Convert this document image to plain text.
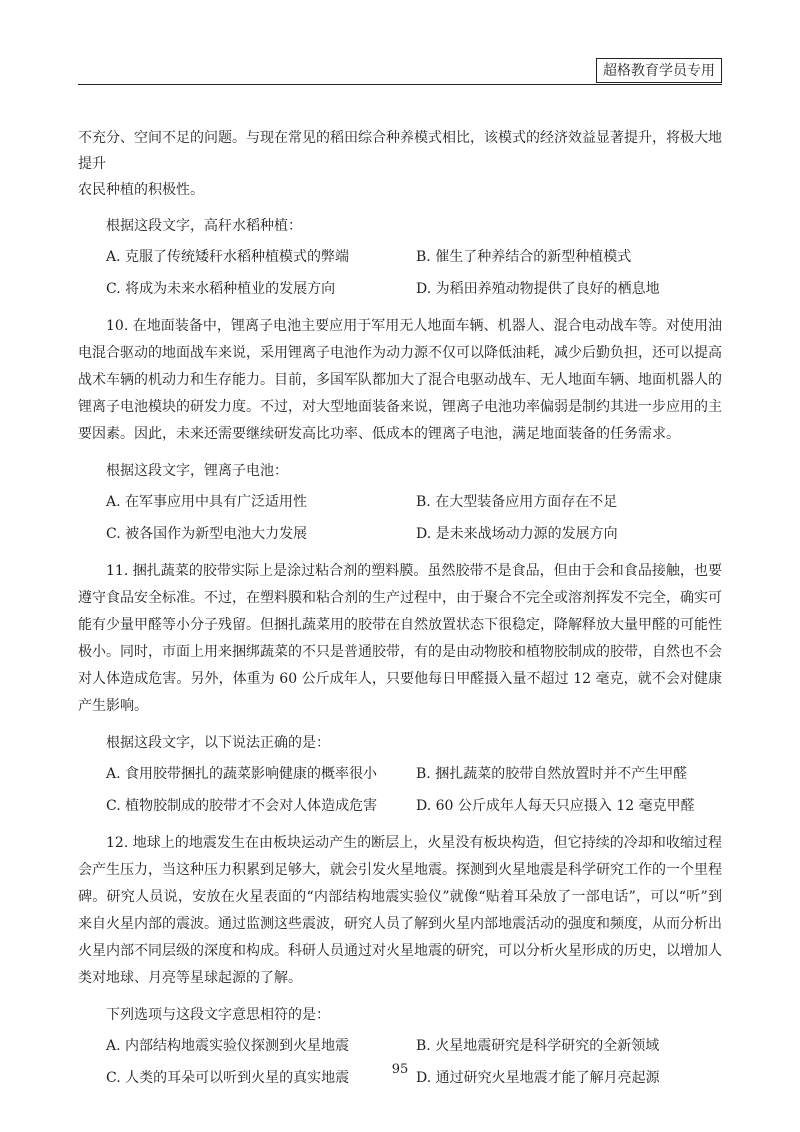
超格教育学员专用

不充分、空间不足的问题。与现在常见的稻田综合种养模式相比，该模式的经济效益显著提升，将极大地提升

农民种植的积极性。

根据这段文字，高秆水稻种植：

A. 克服了传统矮秆水稻种植模式的弊端	B. 催生了种养结合的新型种植模式
C. 将成为未来水稻种植业的发展方向	D. 为稻田养殖动物提供了良好的栖息地

10. 在地面装备中，锂离子电池主要应用于军用无人地面车辆、机器人、混合电动战车等。对使用油电混合驱动的地面战车来说，采用锂离子电池作为动力源不仅可以降低油耗，减少后勤负担，还可以提高战术车辆的机动力和生存能力。目前，多国军队都加大了混合电驱动战车、无人地面车辆、地面机器人的锂离子电池模块的研发力度。不过，对大型地面装备来说，锂离子电池功率偏弱是制约其进一步应用的主要因素。因此，未来还需要继续研发高比功率、低成本的锂离子电池，满足地面装备的任务需求。

根据这段文字，锂离子电池：

A. 在军事应用中具有广泛适用性	B. 在大型装备应用方面存在不足
C. 被各国作为新型电池大力发展	D. 是未来战场动力源的发展方向

11. 捆扎蔬菜的胶带实际上是涂过粘合剂的塑料膜。虽然胶带不是食品，但由于会和食品接触，也要遵守食品安全标准。不过，在塑料膜和粘合剂的生产过程中，由于聚合不完全或溶剂挥发不完全，确实可能有少量甲醛等小分子残留。但捆扎蔬菜用的胶带在自然放置状态下很稳定，降解释放大量甲醛的可能性极小。同时，市面上用来捆绑蔬菜的不只是普通胶带，有的是由动物胶和植物胶制成的胶带，自然也不会对人体造成危害。另外，体重为 60 公斤成年人，只要他每日甲醛摄入量不超过 12 毫克，就不会对健康产生影响。

根据这段文字，以下说法正确的是：

A. 食用胶带捆扎的蔬菜影响健康的概率很小	B. 捆扎蔬菜的胶带自然放置时并不产生甲醛
C. 植物胶制成的胶带才不会对人体造成危害	D. 60 公斤成年人每天只应摄入 12 毫克甲醛

12. 地球上的地震发生在由板块运动产生的断层上，火星没有板块构造，但它持续的冷却和收缩过程会产生压力，当这种压力积累到足够大，就会引发火星地震。探测到火星地震是科学研究工作的一个里程碑。研究人员说，安放在火星表面的“内部结构地震实验仪”就像“贴着耳朵放了一部电话”，可以“听”到来自火星内部的震波。通过监测这些震波，研究人员了解到火星内部地震活动的强度和频度，从而分析出火星内部不同层级的深度和构成。科研人员通过对火星地震的研究，可以分析火星形成的历史，以增加人类对地球、月亮等星球起源的了解。

下列选项与这段文字意思相符的是：

A. 内部结构地震实验仪探测到火星地震	B. 火星地震研究是科学研究的全新领域
C. 人类的耳朵可以听到火星的真实地震	D. 通过研究火星地震才能了解月亮起源
95
